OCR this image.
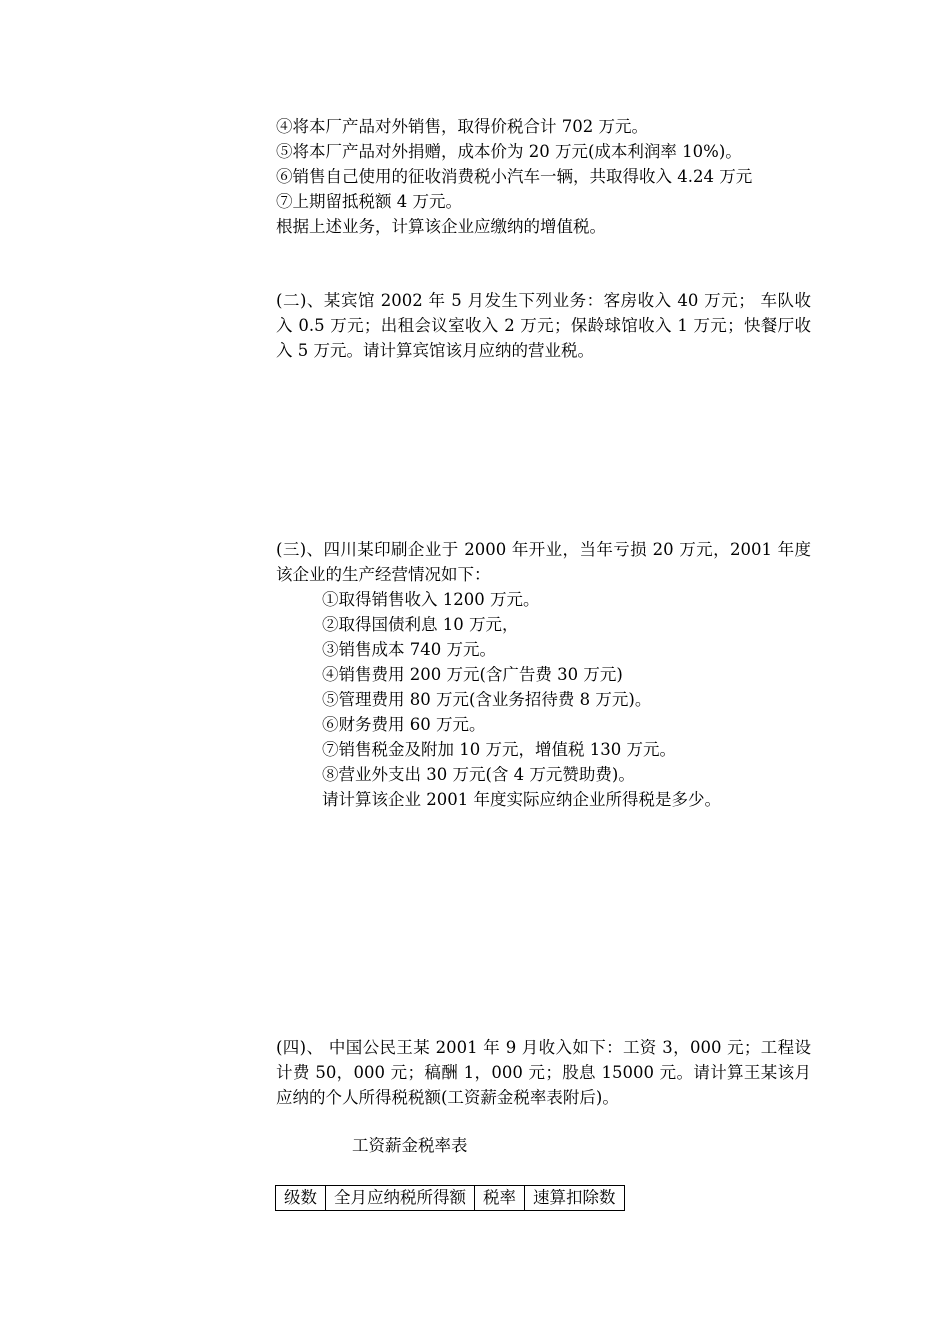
④将本厂产品对外销售，取得价税合计 702 万元。
⑤将本厂产品对外捐赠，成本价为 20 万元(成本利润率 10%)。
⑥销售自己使用的征收消费税小汽车一辆，共取得收入 4.24 万元
⑦上期留抵税额 4 万元。
根据上述业务，计算该企业应缴纳的增值税。
(二)、某宾馆 2002 年 5 月发生下列业务：客房收入 40 万元； 车队收入 0.5 万元；出租会议室收入 2 万元；保龄球馆收入 1 万元；快餐厅收入 5 万元。请计算宾馆该月应纳的营业税。
(三)、四川某印刷企业于 2000 年开业，当年亏损 20 万元，2001 年度该企业的生产经营情况如下：
①取得销售收入 1200 万元。
②取得国债利息 10 万元，
③销售成本 740 万元。
④销售费用 200 万元(含广告费 30 万元)
⑤管理费用 80 万元(含业务招待费 8 万元)。
⑥财务费用 60 万元。
⑦销售税金及附加 10 万元，增值税 130 万元。
⑧营业外支出 30 万元(含 4 万元赞助费)。
请计算该企业 2001 年度实际应纳企业所得税是多少。
(四)、 中国公民王某 2001 年 9 月收入如下：工资 3，000 元；工程设计费 50，000 元；稿酬 1，000 元；股息 15000 元。请计算王某该月应纳的个人所得税税额(工资薪金税率表附后)。
工资薪金税率表
级数	全月应纳税所得额	税率	速算扣除数
